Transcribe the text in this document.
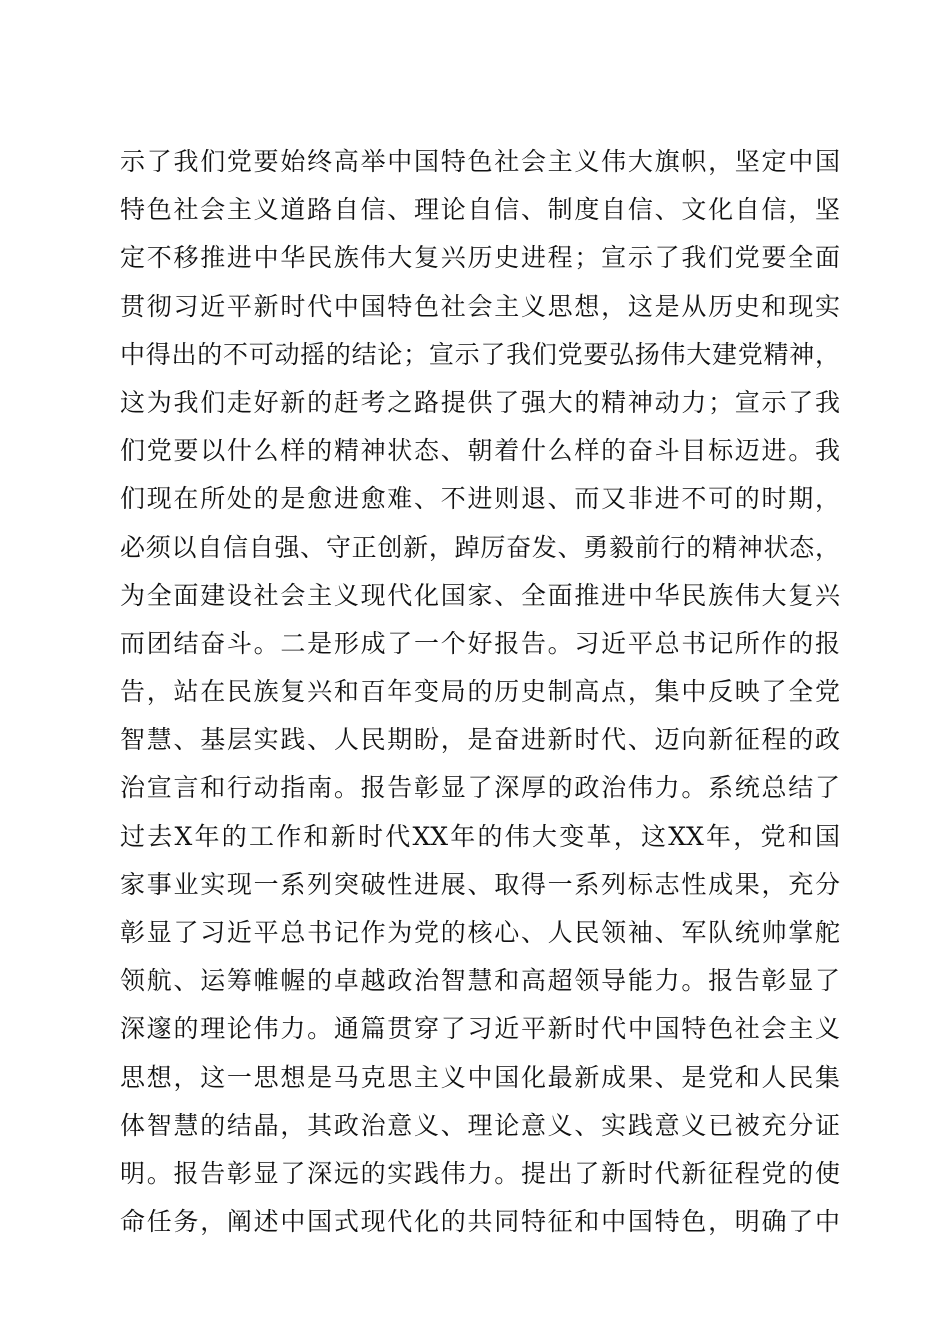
示了我们党要始终高举中国特色社会主义伟大旗帜，坚定中国
特色社会主义道路自信、理论自信、制度自信、文化自信，坚
定不移推进中华民族伟大复兴历史进程；宣示了我们党要全面
贯彻习近平新时代中国特色社会主义思想，这是从历史和现实
中得出的不可动摇的结论；宣示了我们党要弘扬伟大建党精神，
这为我们走好新的赶考之路提供了强大的精神动力；宣示了我
们党要以什么样的精神状态、朝着什么样的奋斗目标迈进。我
们现在所处的是愈进愈难、不进则退、而又非进不可的时期，
必须以自信自强、守正创新，踔厉奋发、勇毅前行的精神状态，
为全面建设社会主义现代化国家、全面推进中华民族伟大复兴
而团结奋斗。二是形成了一个好报告。习近平总书记所作的报
告，站在民族复兴和百年变局的历史制高点，集中反映了全党
智慧、基层实践、人民期盼，是奋进新时代、迈向新征程的政
治宣言和行动指南。报告彰显了深厚的政治伟力。系统总结了
过去X年的工作和新时代XX年的伟大变革，这XX年，党和国
家事业实现一系列突破性进展、取得一系列标志性成果，充分
彰显了习近平总书记作为党的核心、人民领袖、军队统帅掌舵
领航、运筹帷幄的卓越政治智慧和高超领导能力。报告彰显了
深邃的理论伟力。通篇贯穿了习近平新时代中国特色社会主义
思想，这一思想是马克思主义中国化最新成果、是党和人民集
体智慧的结晶，其政治意义、理论意义、实践意义已被充分证
明。报告彰显了深远的实践伟力。提出了新时代新征程党的使
命任务，阐述中国式现代化的共同特征和中国特色，明确了中
